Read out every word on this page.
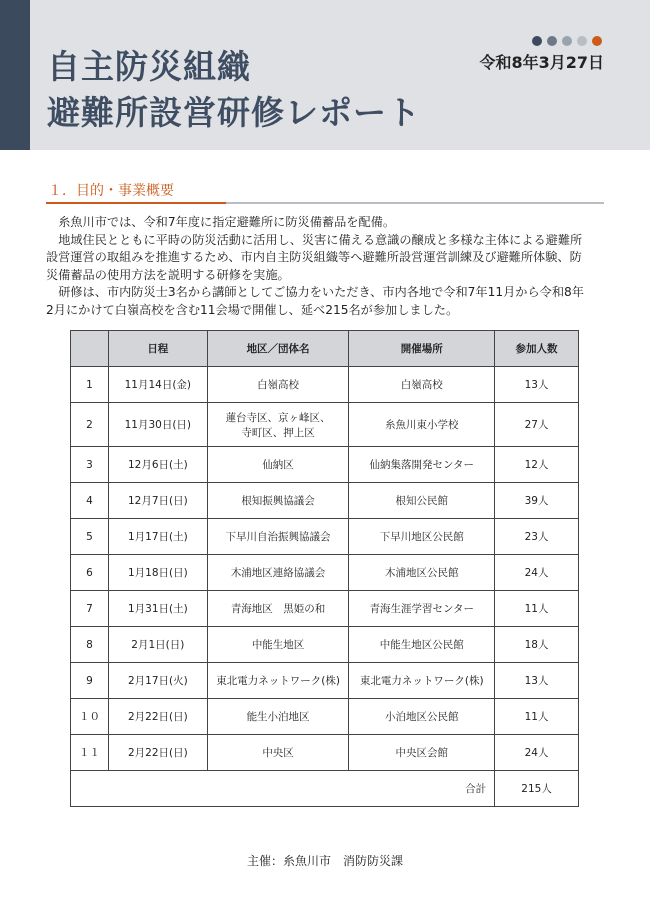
自主防災組織
避難所設営研修レポート
令和8年3月27日
１．目的・事業概要

糸魚川市では、令和7年度に指定避難所に防災備蓄品を配備。

地域住民とともに平時の防災活動に活用し、災害に備える意識の醸成と多様な主体による避難所設営運営の取組みを推進するため、市内自主防災組織等へ避難所設営運営訓練及び避難所体験、防災備蓄品の使用方法を説明する研修を実施。

研修は、市内防災士3名から講師としてご協力をいただき、市内各地で令和7年11月から令和8年2月にかけて白嶺高校を含む11会場で開催し、延べ215名が参加しました。

	日程	地区／団体名	開催場所	参加人数
1	11月14日(金)	白嶺高校	白嶺高校	13人
2	11月30日(日)	蓮台寺区、京ヶ峰区、
寺町区、押上区	糸魚川東小学校	27人
3	12月6日(土)	仙納区	仙納集落開発センター	12人
4	12月7日(日)	根知振興協議会	根知公民館	39人
5	1月17日(土)	下早川自治振興協議会	下早川地区公民館	23人
6	1月18日(日)	木浦地区連絡協議会	木浦地区公民館	24人
7	1月31日(土)	青海地区　黒姫の和	青海生涯学習センター	11人
8	2月1日(日)	中能生地区	中能生地区公民館	18人
9	2月17日(火)	東北電力ネットワーク(株)	東北電力ネットワーク(株)	13人
１０	2月22日(日)	能生小泊地区	小泊地区公民館	11人
１１	2月22日(日)	中央区	中央区会館	24人
合計				215人
主催：糸魚川市　消防防災課
